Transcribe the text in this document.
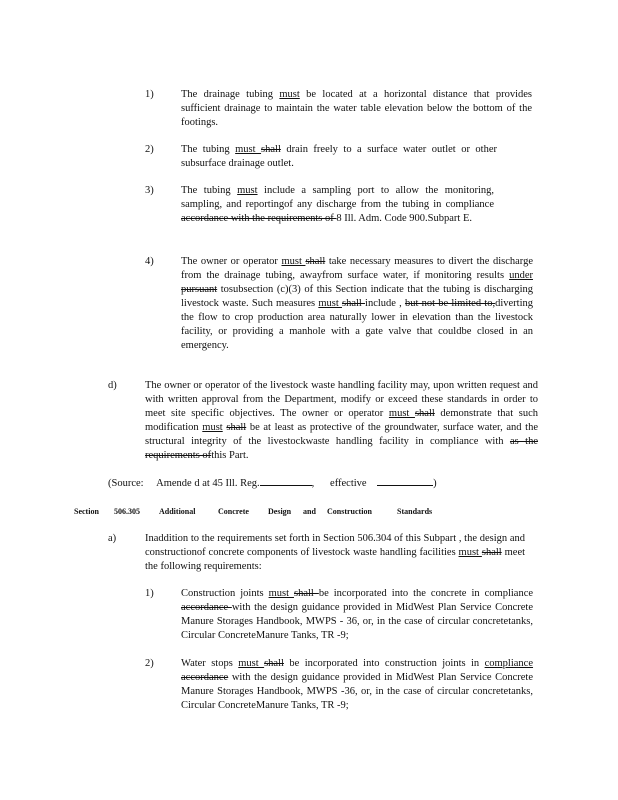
1)	The drainage tubing must be located at a horizontal distance that provides sufficient drainage to maintain the water table elevation below the bottom of the footings.
2)	The tubing must shall drain freely to a surface water outlet or other subsurface drainage outlet.
3)	The tubing must include a sampling port to allow the monitoring, sampling, and reportingof any discharge from the tubing in compliance accordance with the requirements of 8 Ill. Adm. Code 900.Subpart E.
4)	The owner or operator must shall take necessary measures to divert the discharge from the drainage tubing, awayfrom surface water, if monitoring results under pursuant tosubsection (c)(3) of this Section indicate that the tubing is discharging livestock waste. Such measures must shall include , but not be limited to,diverting the flow to crop production area naturally lower in elevation than the livestock facility, or providing a manhole with a gate valve that couldbe closed in an emergency.
d)	The owner or operator of the livestock waste handling facility may, upon written request and with written approval from the Department, modify or exceed these standards in order to meet site specific objectives. The owner or operator must shall demonstrate that such modification must shall be at least as protective of the groundwater, surface water, and the structural integrity of the livestockwaste handling facility in compliance with as the requirements ofthis Part.
(Source: Amende d at 45 Ill. Reg.	,      effective	)
Section 506.305 Additional	Concrete Design and Construction	Standards
a)	Inaddition to the requirements set forth in Section 506.304 of this Subpart , the design and constructionof concrete components of livestock waste handling facilities must shall meet the following requirements:
1)	Construction joints must shall be incorporated into the concrete in compliance accordance with the design guidance provided in MidWest Plan Service Concrete Manure Storages Handbook, MWPS - 36, or, in the case of circular concretetanks, Circular ConcreteManure Tanks, TR -9;
2)	Water stops must shall be incorporated into construction joints in compliance accordance with the design guidance provided in MidWest Plan Service Concrete Manure Storages Handbook, MWPS -36, or, in the case of circular concretetanks, Circular ConcreteManure Tanks, TR -9;
